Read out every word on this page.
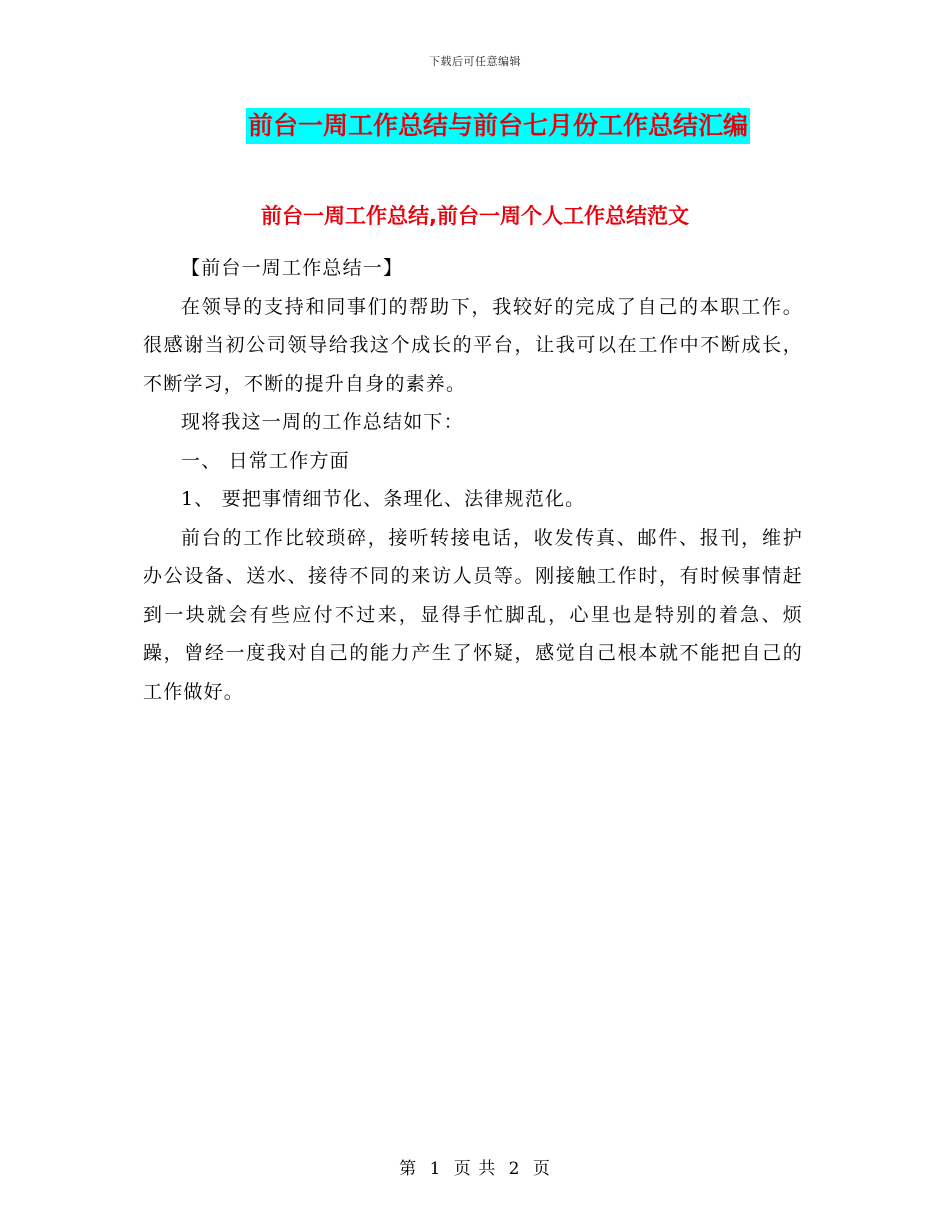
下载后可任意编辑
前台一周工作总结与前台七月份工作总结汇编
前台一周工作总结,前台一周个人工作总结范文

【前台一周工作总结一】

在领导的支持和同事们的帮助下，我较好的完成了自己的本职工作。很感谢当初公司领导给我这个成长的平台，让我可以在工作中不断成长，不断学习，不断的提升自身的素养。

现将我这一周的工作总结如下：

一、 日常工作方面

1、 要把事情细节化、条理化、法律规范化。

前台的工作比较琐碎，接听转接电话，收发传真、邮件、报刊，维护办公设备、送水、接待不同的来访人员等。刚接触工作时，有时候事情赶到一块就会有些应付不过来，显得手忙脚乱，心里也是特别的着急、烦躁，曾经一度我对自己的能力产生了怀疑，感觉自己根本就不能把自己的工作做好。

第 1 页 共 2 页
